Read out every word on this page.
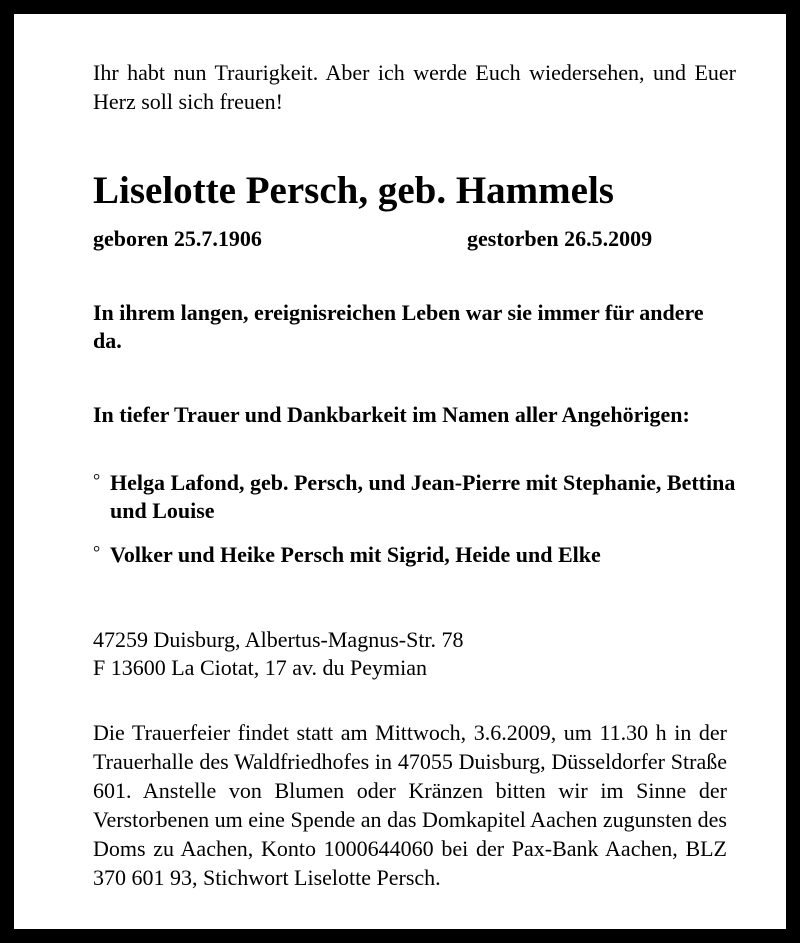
Ihr habt nun Traurigkeit. Aber ich werde Euch wiedersehen, und Euer Herz soll sich freuen!

Liselotte Persch, geb. Hammels
geboren 25.7.1906	gestorben 26.5.2009

In ihrem langen, ereignisreichen Leben war sie immer für andere da.

In tiefer Trauer und Dankbarkeit im Namen aller Angehörigen:

° Helga Lafond, geb. Persch, und Jean-Pierre mit Stephanie, Bettina und Louise
° Volker und Heike Persch mit Sigrid, Heide und Elke
47259 Duisburg, Albertus-Magnus-Str. 78
F 13600 La Ciotat, 17 av. du Peymian

Die Trauerfeier findet statt am Mittwoch, 3.6.2009, um 11.30 h in der Trauerhalle des Waldfriedhofes in 47055 Duisburg, Düsseldorfer Straße 601. Anstelle von Blumen oder Kränzen bitten wir im Sinne der Verstorbenen um eine Spende an das Domkapitel Aachen zugunsten des Doms zu Aachen, Konto 1000644060 bei der Pax-Bank Aachen, BLZ 370 601 93, Stichwort Liselotte Persch.
